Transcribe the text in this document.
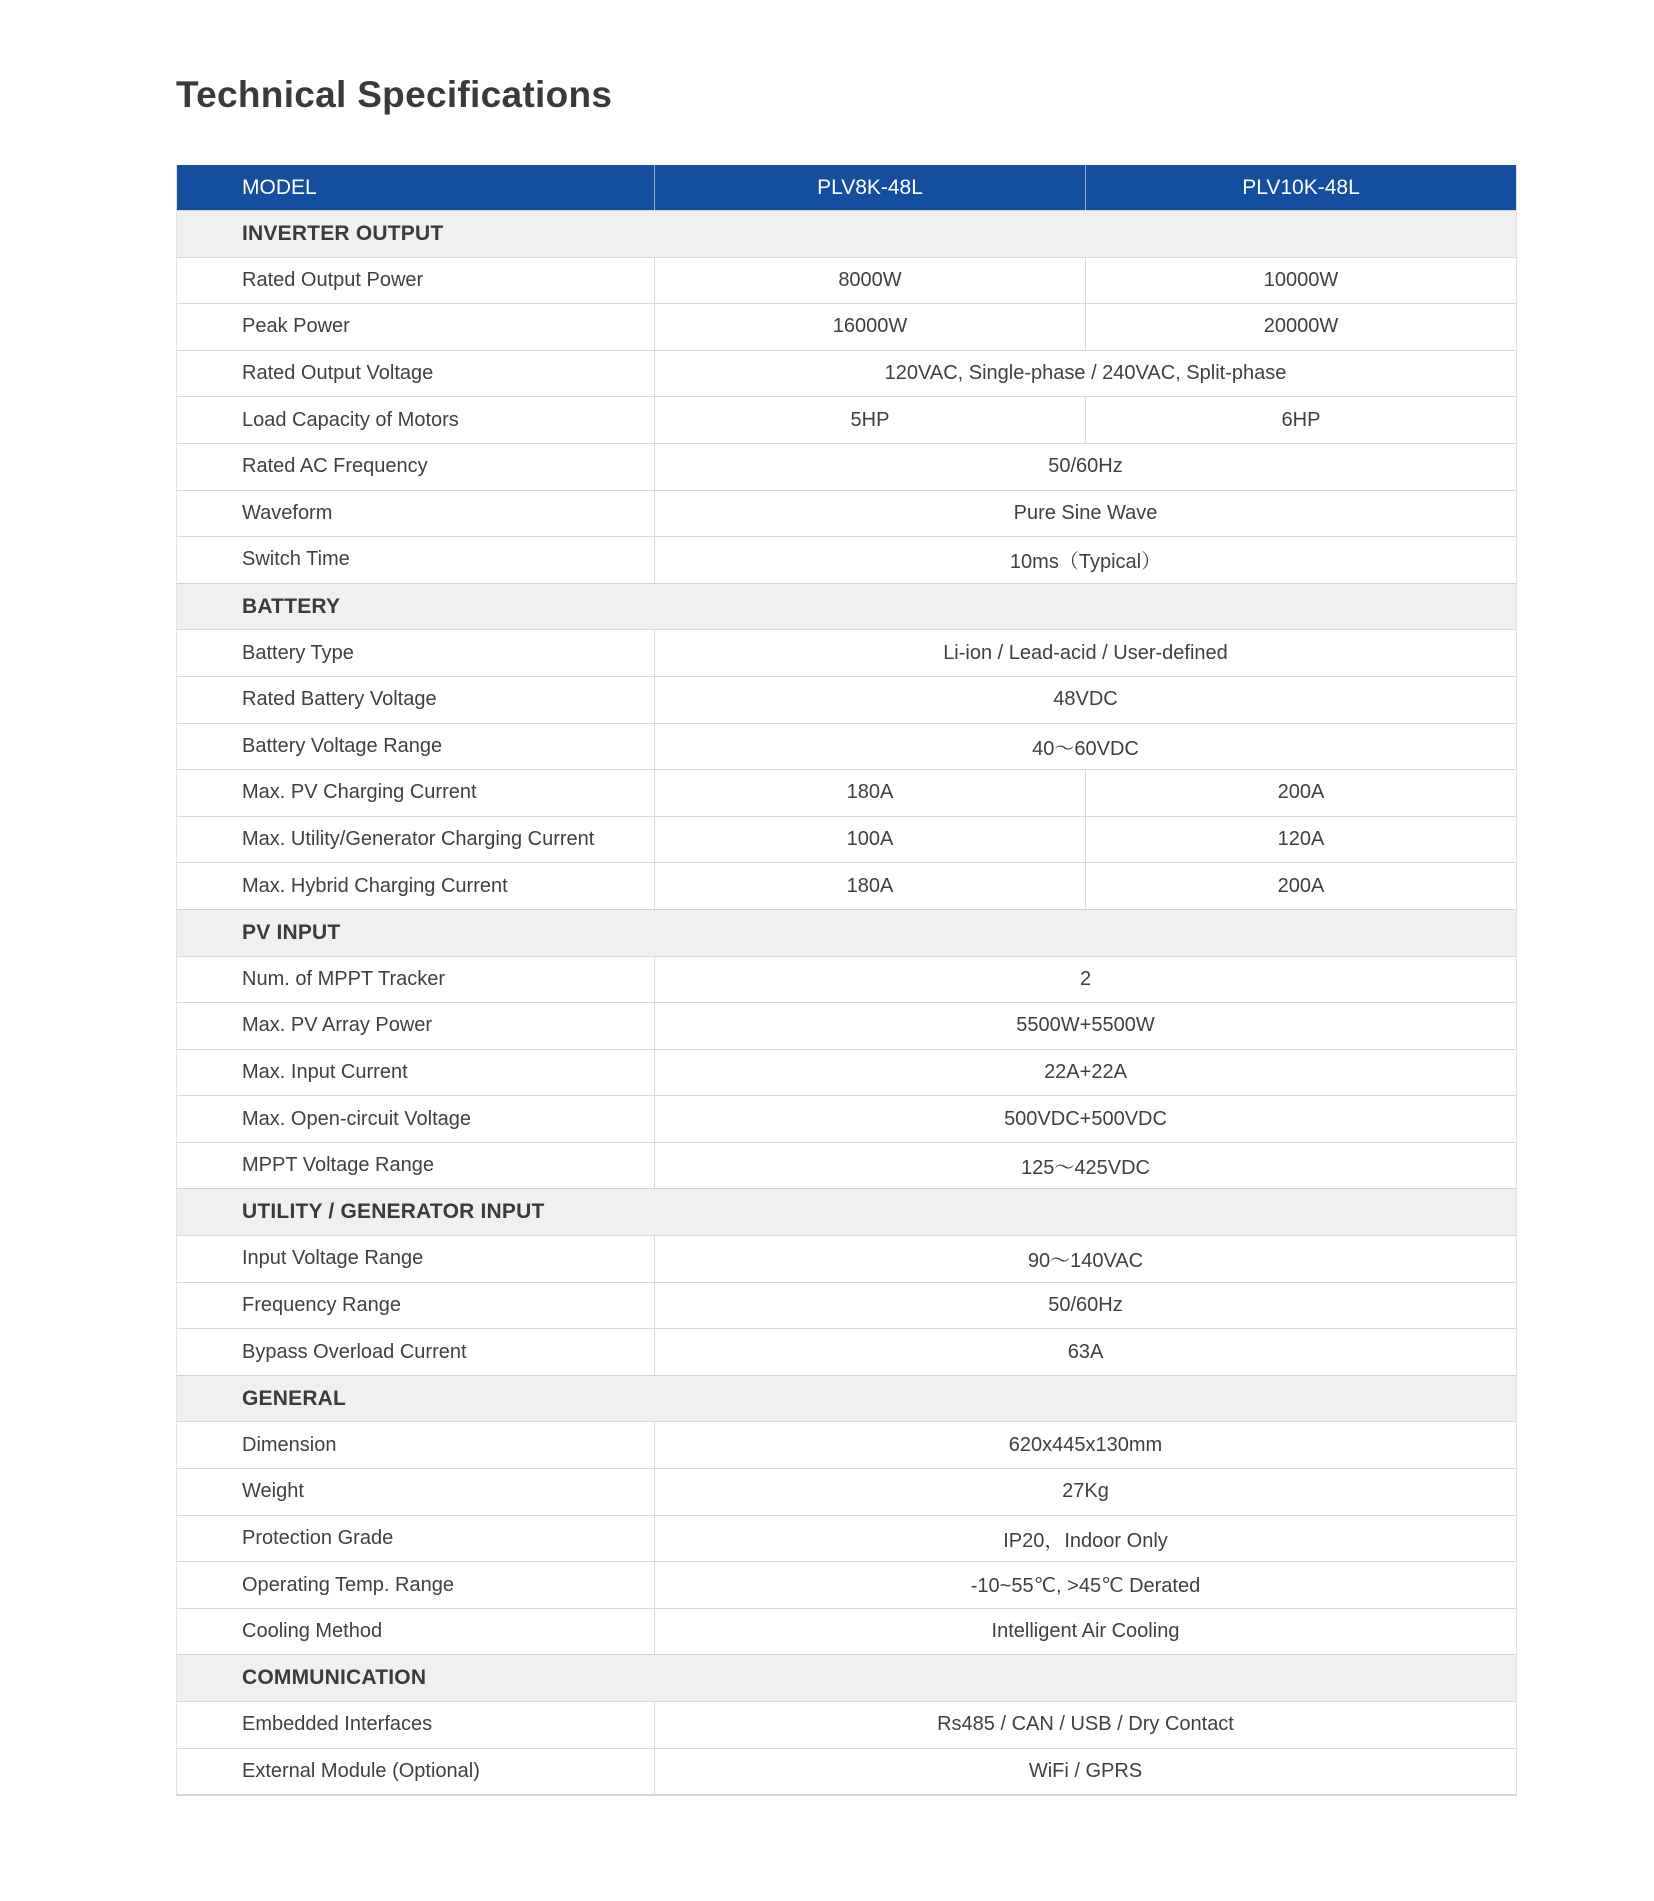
Technical Specifications
MODEL	PLV8K-48L	PLV10K-48L
INVERTER OUTPUT
Rated Output Power	8000W	10000W
Peak Power	16000W	20000W
Rated Output Voltage	120VAC, Single-phase / 240VAC, Split-phase
Load Capacity of Motors	5HP	6HP
Rated AC Frequency	50/60Hz
Waveform	Pure Sine Wave
Switch Time	10ms（Typical）
BATTERY
Battery Type	Li-ion / Lead-acid / User-defined
Rated Battery Voltage	48VDC
Battery Voltage Range	40～60VDC
Max. PV Charging Current	180A	200A
Max. Utility/Generator Charging Current	100A	120A
Max. Hybrid Charging Current	180A	200A
PV INPUT
Num. of MPPT Tracker	2
Max. PV Array Power	5500W+5500W
Max. Input Current	22A+22A
Max. Open-circuit Voltage	500VDC+500VDC
MPPT Voltage Range	125～425VDC
UTILITY / GENERATOR INPUT
Input Voltage Range	90～140VAC
Frequency Range	50/60Hz
Bypass Overload Current	63A
GENERAL
Dimension	620x445x130mm
Weight	27Kg
Protection Grade	IP20，Indoor Only
Operating Temp. Range	-10~55℃, >45℃ Derated
Cooling Method	Intelligent Air Cooling
COMMUNICATION
Embedded Interfaces	Rs485 / CAN / USB / Dry Contact
External Module (Optional)	WiFi / GPRS
